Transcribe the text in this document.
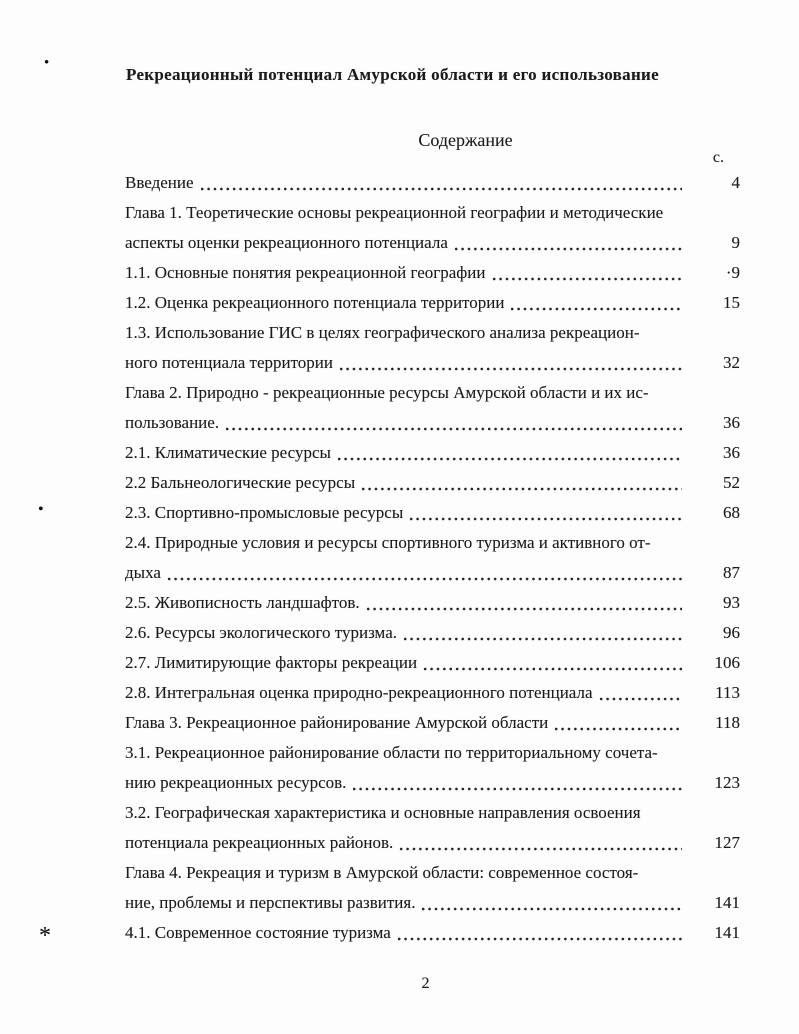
•
•
*
Рекреационный потенциал Амурской области и его использование
Содержание
с.
Введение	4
Глава 1. Теоретические основы рекреационной географии и методические
аспекты оценки рекреационного потенциала	9
1.1. Основные понятия рекреационной географии	·9
1.2. Оценка рекреационного потенциала территории	15
1.3. Использование ГИС в целях географического анализа рекреацион-
ного потенциала территории	32
Глава 2. Природно - рекреационные ресурсы Амурской области и их ис-
пользование.	36
2.1. Климатические ресурсы	36
2.2 Бальнеологические ресурсы	52
2.3. Спортивно-промысловые ресурсы	68
2.4. Природные условия и ресурсы спортивного туризма и активного от-
дыха	87
2.5. Живописность ландшафтов.	93
2.6. Ресурсы экологического туризма.	96
2.7. Лимитирующие факторы рекреации	106
2.8. Интегральная оценка природно-рекреационного потенциала	113
Глава 3. Рекреационное районирование Амурской области	118
3.1. Рекреационное районирование области по территориальному сочета-
нию рекреационных ресурсов.	123
3.2. Географическая характеристика и основные направления освоения
потенциала рекреационных районов.	127
Глава 4. Рекреация и туризм в Амурской области: современное состоя-
ние, проблемы и перспективы развития.	141
4.1. Современное состояние туризма	141
2
